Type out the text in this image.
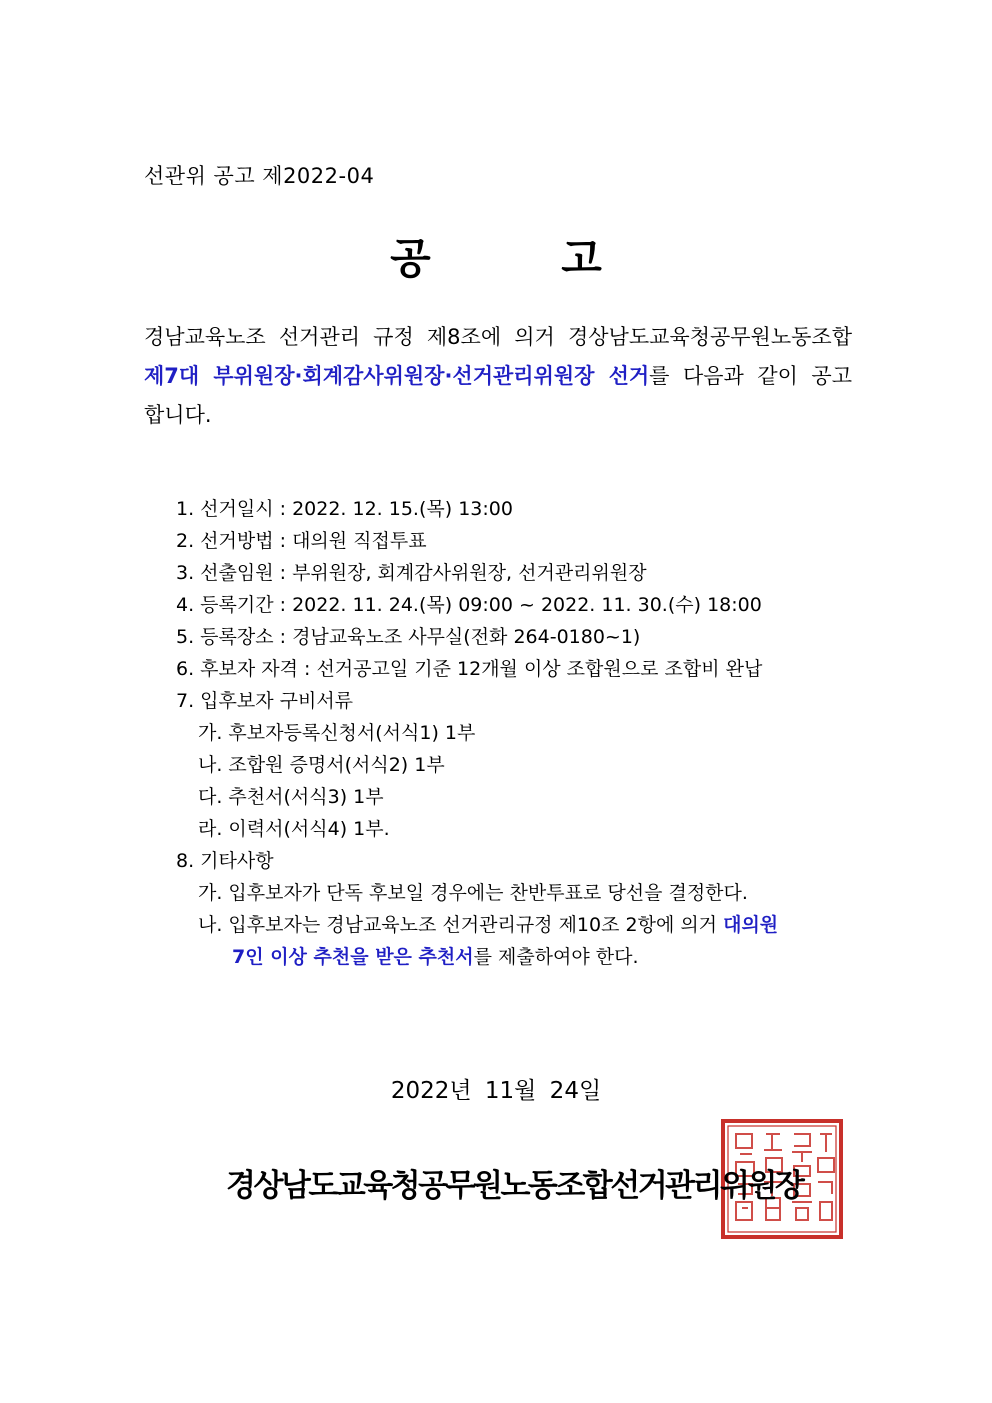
선관위 공고 제2022-04
공 고
경남교육노조 선거관리 규정 제8조에 의거 경상남도교육청공무원노동조합 제7대 부위원장·회계감사위원장·선거관리위원장 선거를 다음과 같이 공고합니다.
1. 선거일시 : 2022. 12. 15.(목) 13:00
2. 선거방법 : 대의원 직접투표
3. 선출임원 : 부위원장, 회계감사위원장, 선거관리위원장
4. 등록기간 : 2022. 11. 24.(목) 09:00 ~ 2022. 11. 30.(수) 18:00
5. 등록장소 : 경남교육노조 사무실(전화 264-0180~1)
6. 후보자 자격 : 선거공고일 기준 12개월 이상 조합원으로 조합비 완납
7. 입후보자 구비서류
가. 후보자등록신청서(서식1) 1부
나. 조합원 증명서(서식2) 1부
다. 추천서(서식3) 1부
라. 이력서(서식4) 1부.
8. 기타사항
가. 입후보자가 단독 후보일 경우에는 찬반투표로 당선을 결정한다.
나. 입후보자는 경남교육노조 선거관리규정 제10조 2항에 의거 대의원
7인 이상 추천을 받은 추천서를 제출하여야 한다.
2022년 11월 24일
경상남도교육청공무원노동조합선거관리위원장
